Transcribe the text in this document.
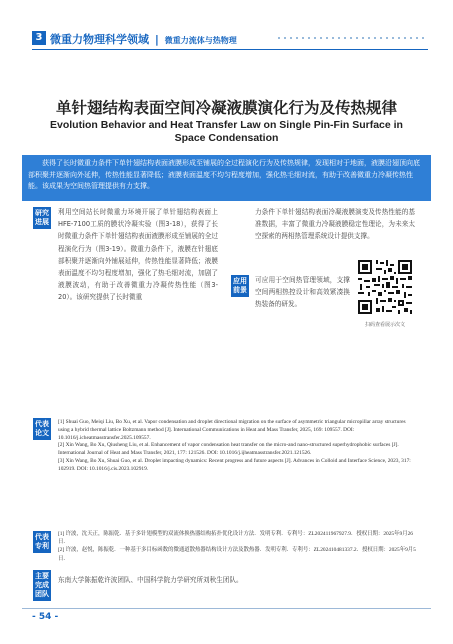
3 微重力物理科学领域 | 微重力流体与热物理
单针翅结构表面空间冷凝液膜演化行为及传热规律
Evolution Behavior and Heat Transfer Law on Single Pin-Fin Surface in Space Condensation
获得了长时微重力条件下单针翅结构表面液膜形成至铺展的全过程演化行为及传热规律，发现相对于地面，液膜沿翅顶向底部积聚并逐渐向外延伸，传热性能显著降低；液膜表面温度不均匀程度增加，强化热毛细对流，有助于改善微重力冷凝传热性能。该成果为空间热管理提供有力支撑。
研究进展
利用空间站长时微重力环境开展了单针翅结构表面上HFE-7100工质的膜状冷凝实验（图3-18），获得了长时微重力条件下单针翅结构表面液膜形成至铺展的全过程演化行为（图3-19）。微重力条件下，液膜在针翅底部积聚并逐渐向外铺展延伸，传热性能显著降低；液膜表面温度不均匀程度增加，强化了热毛细对流，加剧了液膜波动，有助于改善微重力冷凝传热性能（图3-20）。该研究提供了长时微重
力条件下单针翅结构表面冷凝液膜演变及传热性能的基准数据，丰富了微重力冷凝液膜稳定性理论，为未来太空探索的两相热管理系统设计提供支撑。
应用前景
可应用于空间热管理领域，支撑空间两相热控设计和高效紧凑换热装备的研发。
扫码查看展示次文
代表论文
[1] Shuai Guo, Meiqi Liu, Bo Xu, et al. Vapor condensation and droplet directional migration on the surface of asymmetric triangular micropillar array structures using a hybrid thermal lattice Boltzmann method [J]. International Communications in Heat and Mass Transfer, 2025, 169: 109557. DOI: 10.1016/j.icheatmasstransfer.2025.109557.
[2] Xin Wang, Bo Xu, Qiusheng Liu, et al. Enhancement of vapor condensation heat transfer on the micro-and nano-structured superhydrophobic surfaces [J]. International Journal of Heat and Mass Transfer, 2021, 177: 121526. DOI: 10.1016/j.ijheatmasstransfer.2021.121526.
[3] Xin Wang, Bo Xu, Shuai Guo, et al. Droplet impacting dynamics: Recent progress and future aspects [J]. Advances in Colloid and Interface Science, 2023, 317: 102919. DOI: 10.1016/j.cis.2023.102919.
代表专利
[1] 许波，沈天正，陈振乾．基于多针翅模型的双流体换热器结构拓扑优化设计方法．发明专利．专利号：ZL202411967927.9．授权日期：2025年9月26日．
[2] 许波，赵悦，陈振乾．一种基于多目标函数的微通道散热器结构设计方法及散热器．发明专利．专利号：ZL202410481337.2．授权日期：2025年9月5日．
主要完成团队
东南大学陈振乾许波团队、中国科学院力学研究所刘秋生团队。
- 54 -
